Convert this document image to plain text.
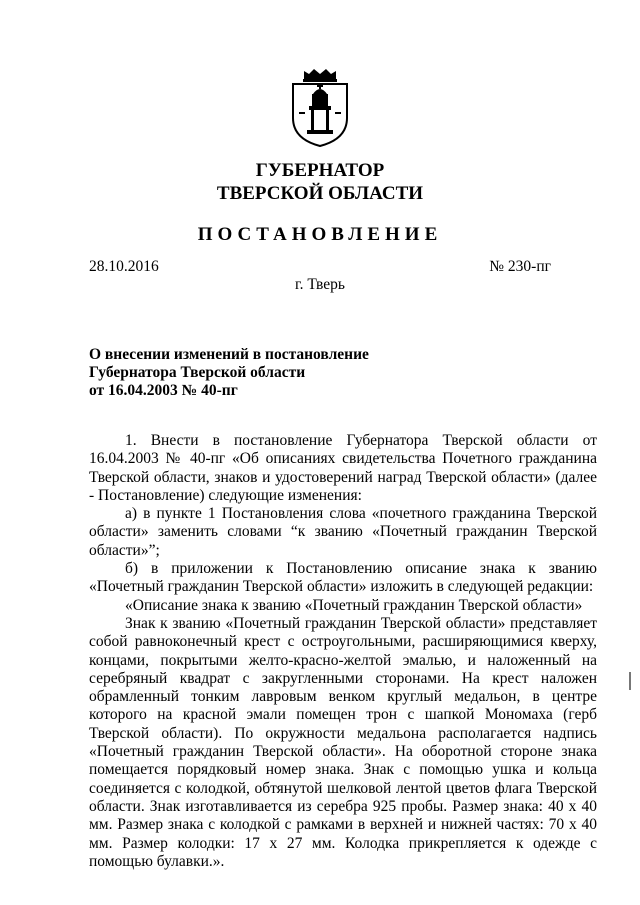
ГУБЕРНАТОР
ТВЕРСКОЙ ОБЛАСТИ
ПОСТАНОВЛЕНИЕ
28.10.2016	№ 230-пг
г. Тверь
О внесении изменений в постановление
Губернатора Тверской области
от 16.04.2003 № 40-пг

1. Внести в постановление Губернатора Тверской области от 16.04.2003 № 40-пг «Об описаниях свидетельства Почетного гражданина Тверской области, знаков и удостоверений наград Тверской области» (далее - Постановление) следующие изменения:

а) в пункте 1 Постановления слова «почетного гражданина Тверской области» заменить словами “к званию «Почетный гражданин Тверской области»”;

б) в приложении к Постановлению описание знака к званию «Почетный гражданин Тверской области» изложить в следующей редакции:

«Описание знака к званию «Почетный гражданин Тверской области»

Знак к званию «Почетный гражданин Тверской области» представляет собой равноконечный крест с остроугольными, расширяющимися кверху, концами, покрытыми желто-красно-желтой эмалью, и наложенный на серебряный квадрат с закругленными сторонами. На крест наложен обрамленный тонким лавровым венком круглый медальон, в центре которого на красной эмали помещен трон с шапкой Мономаха (герб Тверской области). По окружности медальона располагается надпись «Почетный гражданин Тверской области». На оборотной стороне знака помещается порядковый номер знака. Знак с помощью ушка и кольца соединяется с колодкой, обтянутой шелковой лентой цветов флага Тверской области. Знак изготавливается из серебра 925 пробы. Размер знака: 40 х 40 мм. Размер знака с колодкой с рамками в верхней и нижней частях: 70 х 40 мм. Размер колодки: 17 х 27 мм. Колодка прикрепляется к одежде с помощью булавки.».
